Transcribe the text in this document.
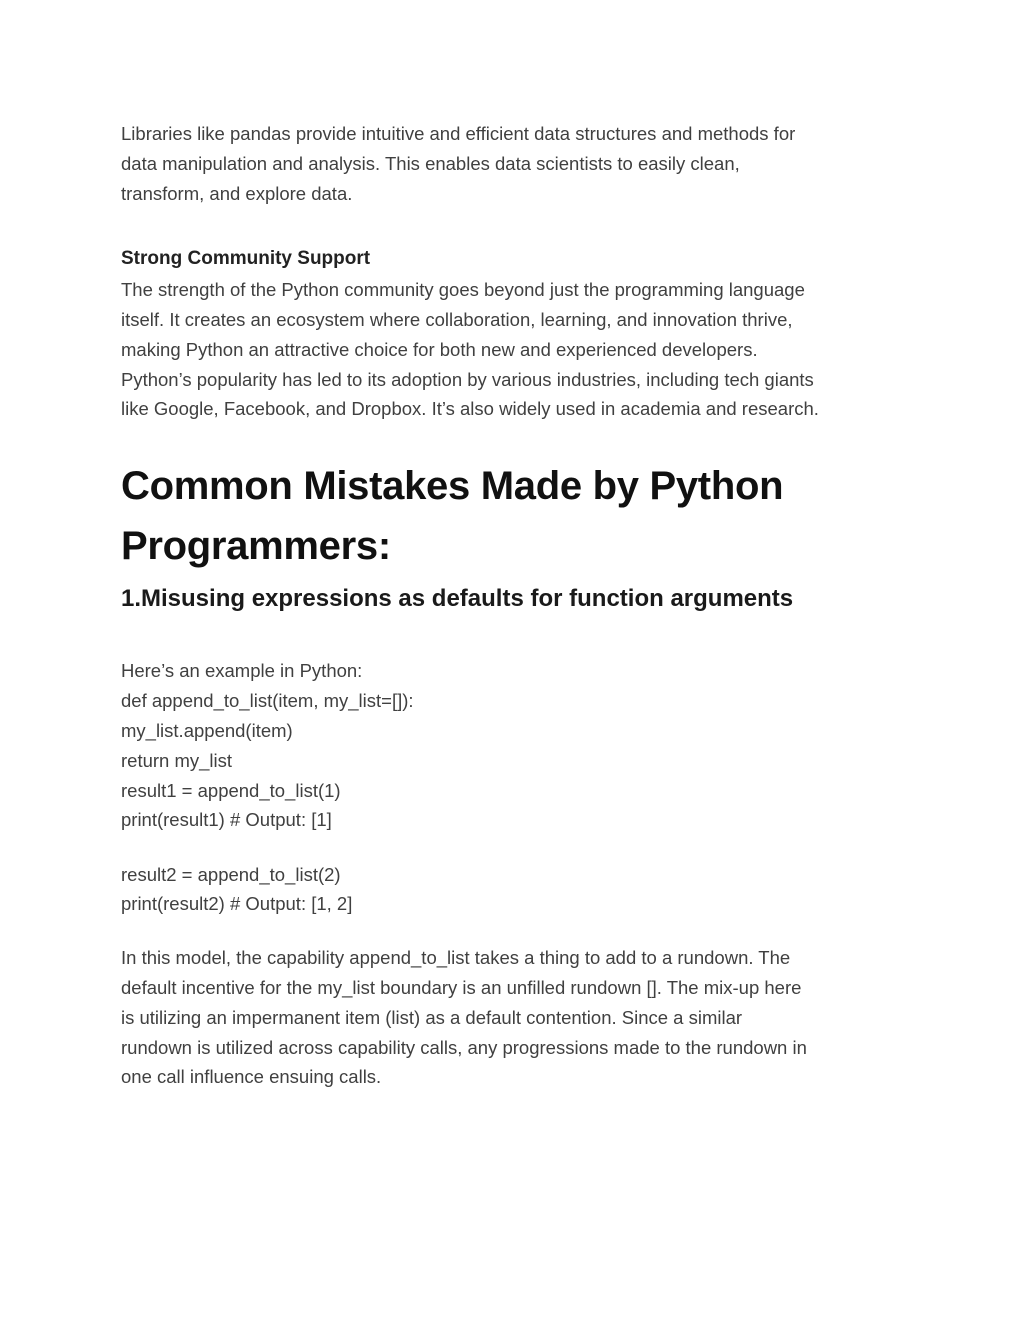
Libraries like pandas provide intuitive and efficient data structures and methods for
data manipulation and analysis. This enables data scientists to easily clean,
transform, and explore data.
Strong Community Support
The strength of the Python community goes beyond just the programming language
itself. It creates an ecosystem where collaboration, learning, and innovation thrive,
making Python an attractive choice for both new and experienced developers.
Python’s popularity has led to its adoption by various industries, including tech giants
like Google, Facebook, and Dropbox. It’s also widely used in academia and research.
Common Mistakes Made by Python
Programmers:
1.Misusing expressions as defaults for function arguments
Here’s an example in Python:
def append_to_list(item, my_list=[]):
my_list.append(item)
return my_list
result1 = append_to_list(1)
print(result1) # Output: [1]
result2 = append_to_list(2)
print(result2) # Output: [1, 2]
In this model, the capability append_to_list takes a thing to add to a rundown. The
default incentive for the my_list boundary is an unfilled rundown []. The mix-up here
is utilizing an impermanent item (list) as a default contention. Since a similar
rundown is utilized across capability calls, any progressions made to the rundown in
one call influence ensuing calls.
